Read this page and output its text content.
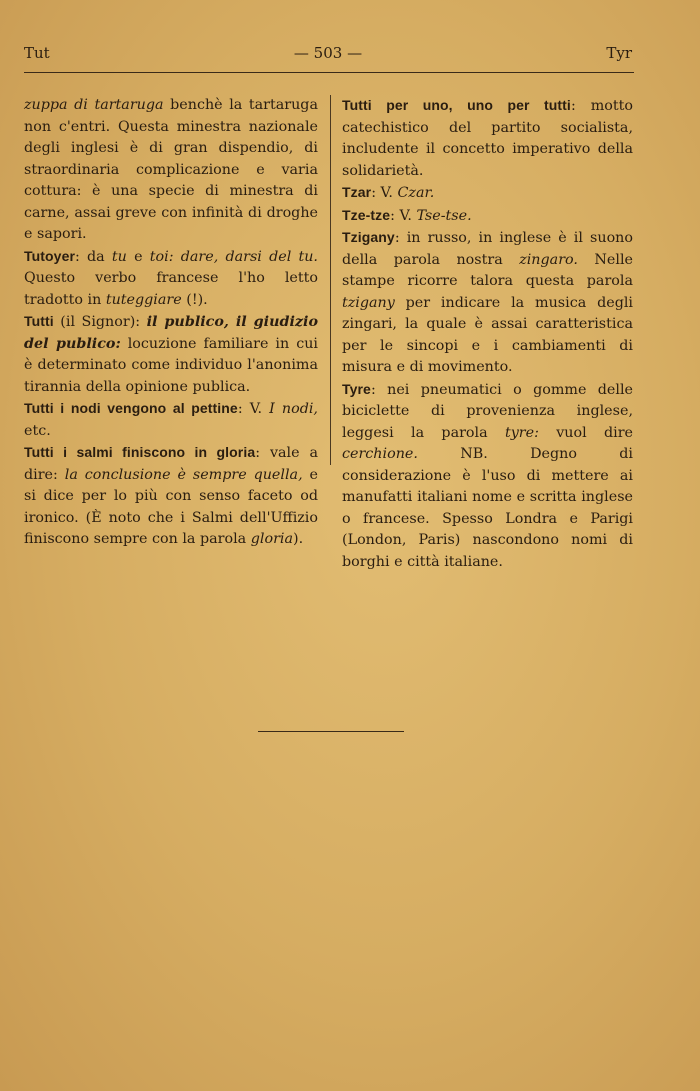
Tut	— 503 —	Tyr

zuppa di tartaruga benchè la tartaruga non c'entri. Questa minestra nazionale degli inglesi è di gran dispendio, di straordinaria complicazione e varia cottura: è una specie di minestra di carne, assai greve con infinità di droghe e sapori.

Tutoyer: da tu e toi: dare, darsi del tu. Questo verbo francese l'ho letto tradotto in tuteggiare (!).

Tutti (il Signor): il publico, il giudizio del publico: locuzione familiare in cui è determinato come individuo l'anonima tirannia della opinione publica.

Tutti i nodi vengono al pettine: V. I nodi, etc.

Tutti i salmi finiscono in gloria: vale a dire: la conclusione è sempre quella, e si dice per lo più con senso faceto od ironico. (È noto che i Salmi dell'Uffizio finiscono sempre con la parola gloria).

Tutti per uno, uno per tutti: motto catechistico del partito socialista, includente il concetto imperativo della solidarietà.

Tzar: V. Czar.

Tze-tze: V. Tse-tse.

Tzigany: in russo, in inglese è il suono della parola nostra zingaro. Nelle stampe ricorre talora questa parola tzigany per indicare la musica degli zingari, la quale è assai caratteristica per le sincopi e i cambiamenti di misura e di movimento.

Tyre: nei pneumatici o gomme delle biciclette di provenienza inglese, leggesi la parola tyre: vuol dire cerchione. NB. Degno di considerazione è l'uso di mettere ai manufatti italiani nome e scritta inglese o francese. Spesso Londra e Parigi (London, Paris) nascondono nomi di borghi e città italiane.
